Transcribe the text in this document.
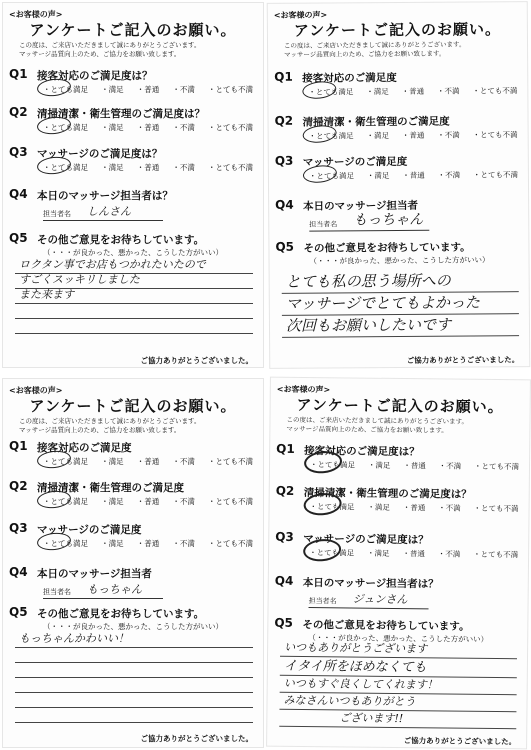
<お客様の声>
アンケートご記入のお願い。
この度は、ご来店いただきまして誠にありがとうございます。
マッサージ品質向上のため、ご協力をお願い致します。
Q1 接客対応のご満足度は？
・とても満足 ・満足 ・普通 ・不満 ・とても不満
Q2 清掃清潔・衛生管理のご満足度は？
・とても満足 ・満足 ・普通 ・不満 ・とても不満
Q3 マッサージのご満足度は？
・とても満足 ・満足 ・普通 ・不満 ・とても不満
Q4 本日のマッサージ担当者は？
担当者名 しんさん
Q5 その他ご意見をお待ちしています。
（・・・が良かった、悪かった、こうした方がいい）
ロクタン事でお店もつかれたいたので
すごくスッキリしました
また来ます
ご協力ありがとうございました。
<お客様の声>
アンケートご記入のお願い。
この度は、ご来店いただきまして誠にありがとうございます。
マッサージ品質向上のため、ご協力をお願い致します。
Q1 接客対応のご満足度
・とても満足 ・満足 ・普通 ・不満 ・とても不満
Q2 清掃清潔・衛生管理のご満足度
・とても満足 ・満足 ・普通 ・不満 ・とても不満
Q3 マッサージのご満足度
・とても満足 ・満足 ・普通 ・不満 ・とても不満
Q4 本日のマッサージ担当者
担当者名 もっちゃん
Q5 その他ご意見をお待ちしています。
（・・・が良かった、悪かった、こうした方がいい）
とても私の思う場所への
マッサージでとてもよかった
次回もお願いしたいです
ご協力ありがとうございました。
<お客様の声>
アンケートご記入のお願い。
この度は、ご来店いただきまして誠にありがとうございます。
マッサージ品質向上のため、ご協力をお願い致します。
Q1 接客対応のご満足度
・とても満足 ・満足 ・普通 ・不満 ・とても不満
Q2 清掃清潔・衛生管理のご満足度
・とても満足 ・満足 ・普通 ・不満 ・とても不満
Q3 マッサージのご満足度
・とても満足 ・満足 ・普通 ・不満 ・とても不満
Q4 本日のマッサージ担当者
担当者名 もっちゃん
Q5 その他ご意見をお待ちしています。
（・・・が良かった、悪かった、こうした方がいい）
もっちゃんかわいい！
ご協力ありがとうございました。
<お客様の声>
アンケートご記入のお願い。
この度は、ご来店いただきまして誠にありがとうございます。
マッサージ品質向上のため、ご協力をお願い致します。
Q1 接客対応のご満足度は？
・とても満足 ・満足 ・普通 ・不満 ・とても不満
Q2 清掃清潔・衛生管理のご満足度は？
・とても満足 ・満足 ・普通 ・不満 ・とても不満
Q3 マッサージのご満足度は？
・とても満足 ・満足 ・普通 ・不満 ・とても不満
Q4 本日のマッサージ担当者は？
担当者名 ジュンさん
Q5 その他ご意見をお待ちしています。
（・・・が良かった、悪かった、こうした方がいい）
いつもありがとうございます
イタイ所をほめなくても
いつもすぐ良くしてくれます！
みなさんいつもありがとう
ございます!!
ご協力ありがとうございました。
